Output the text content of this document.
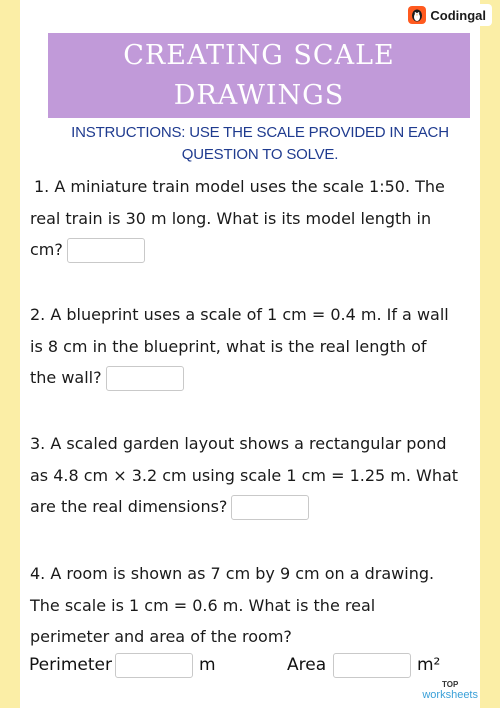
Codingal
CREATING SCALE
DRAWINGS
INSTRUCTIONS: USE THE SCALE PROVIDED IN EACH
QUESTION TO SOLVE.
1. A miniature train model uses the scale 1:50. The
real train is 30 m long. What is its model length in
cm?
2. A blueprint uses a scale of 1 cm = 0.4 m. If a wall
is 8 cm in the blueprint, what is the real length of
the wall?
3. A scaled garden layout shows a rectangular pond
as 4.8 cm × 3.2 cm using scale 1 cm = 1.25 m. What
are the real dimensions?
4. A room is shown as 7 cm by 9 cm on a drawing.
The scale is 1 cm = 0.6 m. What is the real
perimeter and area of the room?
Perimeter	m	Area	m²
TOP
worksheets
